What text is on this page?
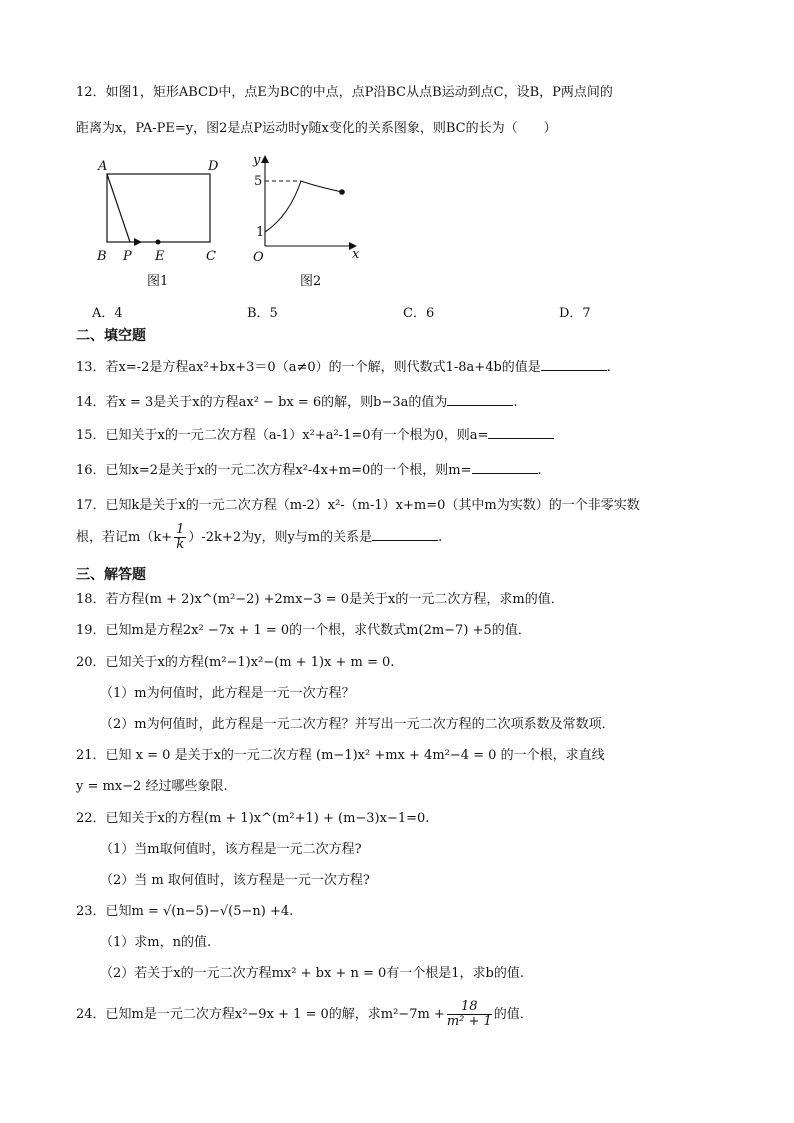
12．如图1，矩形ABCD中，点E为BC的中点，点P沿BC从点B运动到点C，设B，P两点间的
距离为x，PA-PE=y，图2是点P运动时y随x变化的关系图象，则BC的长为（　　）
A	D
B P E	C
图1
y
5
1
O	x
图2
A．4	B．5	C．6	D．7
二、填空题
13．若x=-2是方程ax²+bx+3＝0（a≠0）的一个解，则代数式1-8a+4b的值是	.
14．若x = 3是关于x的方程ax² − bx = 6的解，则b−3a的值为	.
15．已知关于x的一元二次方程（a-1）x²+a²-1=0有一个根为0，则a=
16．已知x=2是关于x的一元二次方程x²-4x+m=0的一个根，则m=	.
17．已知k是关于x的一元二次方程（m-2）x²-（m-1）x+m=0（其中m为实数）的一个非零实数
根，若记$m(k+ \frac{1}{k} )-2k+2$为y，则y与m的关系是	.
三、解答题
18．若方程(m + 2)x^(m²−2) +2mx−3 = 0是关于x的一元二次方程，求m的值．
19．已知m是方程2x² −7x + 1 = 0的一个根，求代数式m(2m−7) +5的值．
20．已知关于x的方程(m²−1)x²−(m + 1)x + m = 0.
（1）m为何值时，此方程是一元一次方程？
（2）m为何值时，此方程是一元二次方程？并写出一元二次方程的二次项系数及常数项．
21．已知 x = 0 是关于x的一元二次方程 (m−1)x² +mx + 4m²−4 = 0 的一个根，求直线
y = mx−2 经过哪些象限.
22．已知关于x的方程(m + 1)x^(m²+1) + (m−3)x−1=0.
（1）当m取何值时，该方程是一元二次方程?
（2）当 m 取何值时，该方程是一元一次方程?
23．已知m = √(n−5)−√(5−n) +4.
（1）求m，n的值.
（2）若关于x的一元二次方程mx² + bx + n = 0有一个根是1，求b的值.
24．已知m是一元二次方程x²−9x + 1 = 0的解，求$m^2-7m + \frac{18}{\text{m² + 1}}$ 的值．
